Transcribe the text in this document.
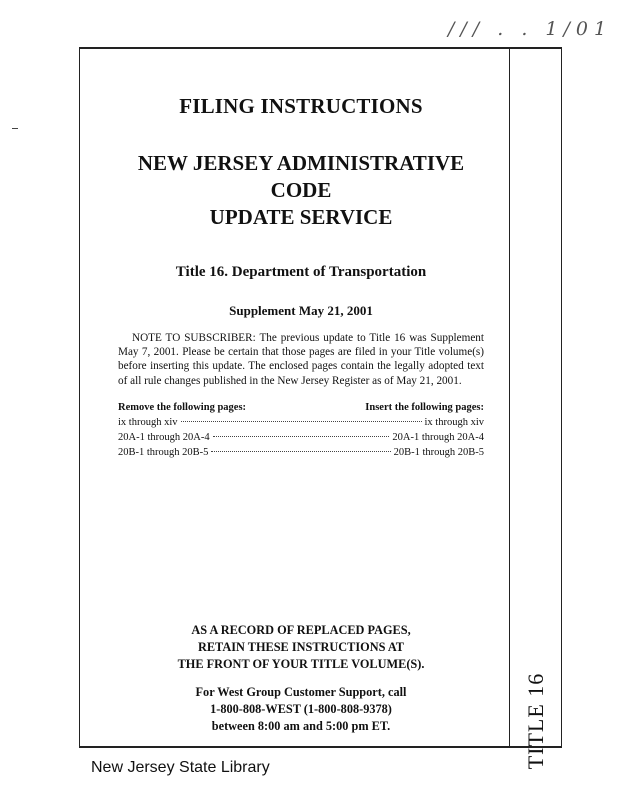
/// . . 1/01
FILING INSTRUCTIONS
NEW JERSEY ADMINISTRATIVE CODE
UPDATE SERVICE
Title 16. Department of Transportation
Supplement May 21, 2001

NOTE TO SUBSCRIBER: The previous update to Title 16 was Supplement May 7, 2001. Please be certain that those pages are filed in your Title volume(s) before inserting this update. The enclosed pages contain the legally adopted text of all rule changes published in the New Jersey Register as of May 21, 2001.

Remove the following pages:	Insert the following pages:
ix through xiv	ix through xiv
20A-1 through 20A-4	20A-1 through 20A-4
20B-1 through 20B-5	20B-1 through 20B-5
AS A RECORD OF REPLACED PAGES,
RETAIN THESE INSTRUCTIONS AT
THE FRONT OF YOUR TITLE VOLUME(S).
For West Group Customer Support, call
1-800-808-WEST (1-800-808-9378)
between 8:00 am and 5:00 pm ET.	TITLE 16
New Jersey State Library
